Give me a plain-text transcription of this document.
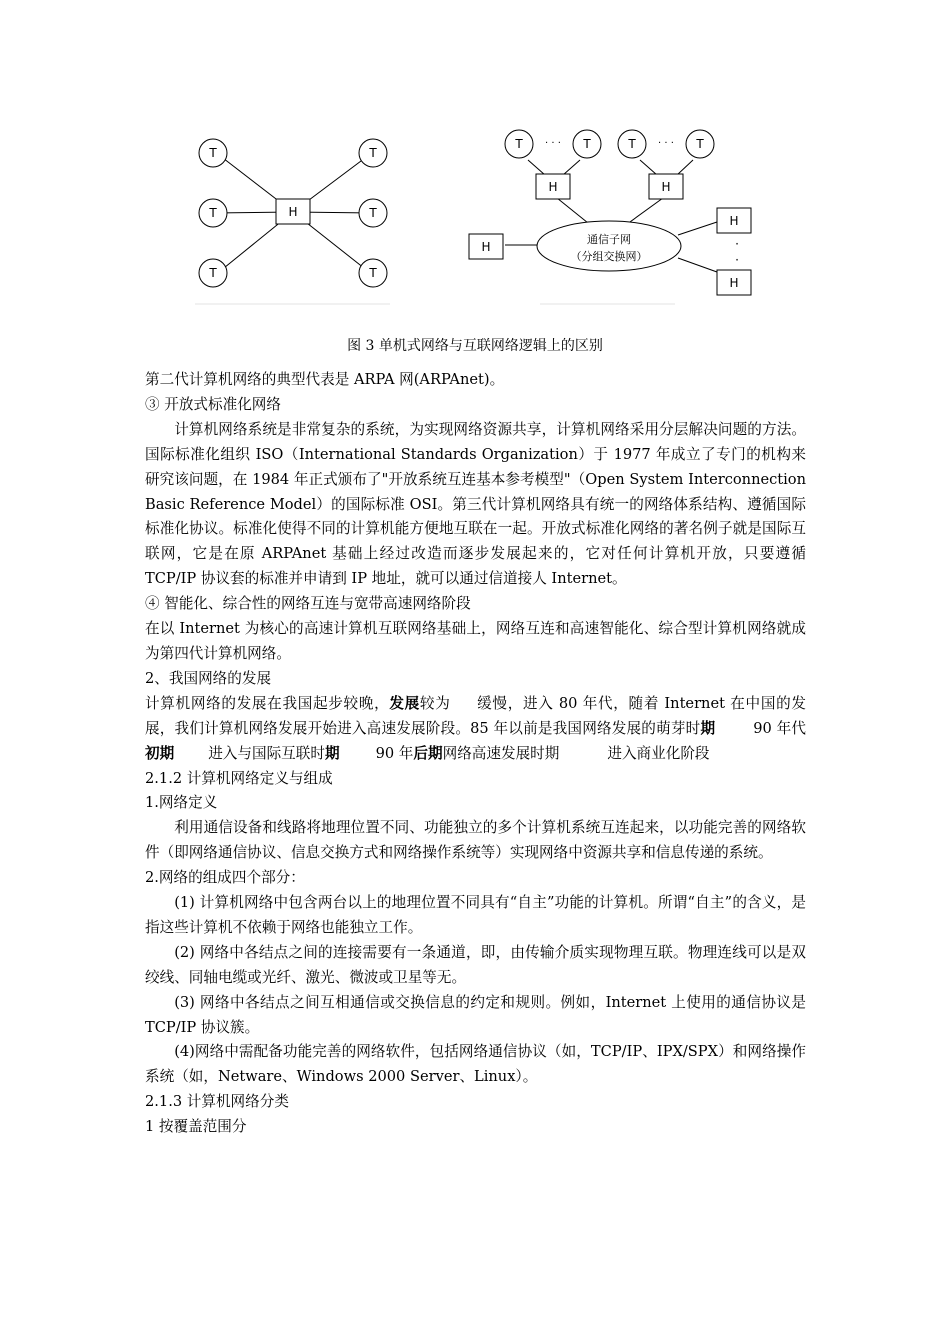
H
T
T
T
T
T
T
T	T	T	T
· · ·	· · ·
H	H
H
H
H
·
·
通信子网
（分组交换网）
图 3 单机式网络与互联网络逻辑上的区别

第二代计算机网络的典型代表是 ARPA 网(ARPAnet)。

③ 开放式标准化网络

计算机网络系统是非常复杂的系统，为实现网络资源共享，计算机网络采用分层解决问题的方法。国际标准化组织 ISO（International Standards Organization）于 1977 年成立了专门的机构来研究该问题，在 1984 年正式颁布了"开放系统互连基本参考模型"（Open System Interconnection Basic Reference Model）的国际标准 OSI。第三代计算机网络具有统一的网络体系结构、遵循国际标准化协议。标准化使得不同的计算机能方便地互联在一起。开放式标准化网络的著名例子就是国际互联网，它是在原 ARPAnet 基础上经过改造而逐步发展起来的，它对任何计算机开放，只要遵循 TCP/IP 协议套的标准并申请到 IP 地址，就可以通过信道接人 Internet。

④ 智能化、综合性的网络互连与宽带高速网络阶段

在以 Internet 为核心的高速计算机互联网络基础上，网络互连和高速智能化、综合型计算机网络就成为第四代计算机网络。

2、我国网络的发展

计算机网络的发展在我国起步较晚，发展较为 缓慢，进入 80 年代，随着 Internet 在中国的发展，我们计算机网络发展开始进入高速发展阶段。85 年以前是我国网络发展的萌芽时期	90 年代初期 进入与国际互联时期 90 年后期网络高速发展时期	进入商业化阶段

2.1.2 计算机网络定义与组成

1.网络定义

利用通信设备和线路将地理位置不同、功能独立的多个计算机系统互连起来，以功能完善的网络软件（即网络通信协议、信息交换方式和网络操作系统等）实现网络中资源共享和信息传递的系统。

2.网络的组成四个部分：

(1) 计算机网络中包含两台以上的地理位置不同具有“自主”功能的计算机。所谓“自主”的含义，是指这些计算机不依赖于网络也能独立工作。

(2) 网络中各结点之间的连接需要有一条通道，即，由传输介质实现物理互联。物理连线可以是双绞线、同轴电缆或光纤、激光、微波或卫星等无。

(3) 网络中各结点之间互相通信或交换信息的约定和规则。例如，Internet 上使用的通信协议是 TCP/IP 协议簇。

(4)网络中需配备功能完善的网络软件，包括网络通信协议（如，TCP/IP、IPX/SPX）和网络操作系统（如，Netware、Windows 2000 Server、Linux）。

2.1.3 计算机网络分类

1 按覆盖范围分
